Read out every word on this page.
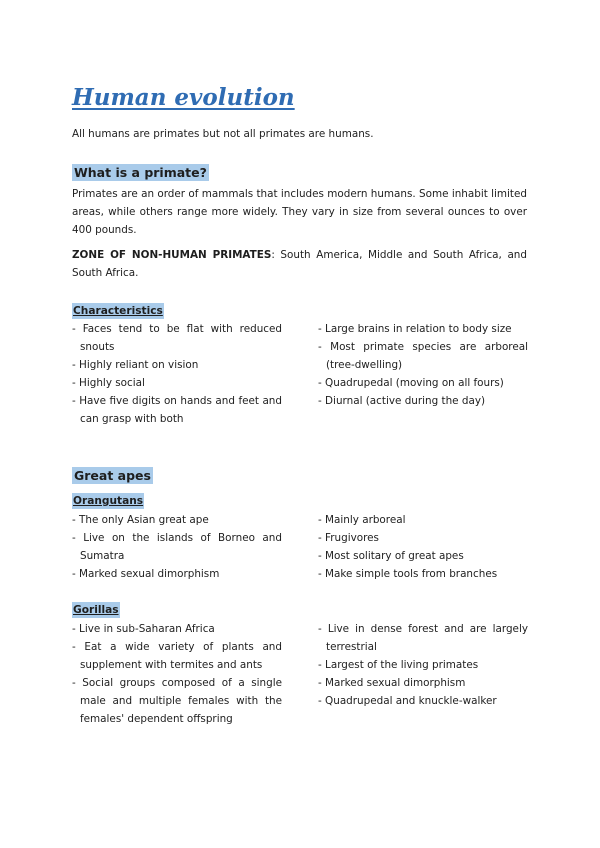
Human evolution

All humans are primates but not all primates are humans.

What is a primate?

Primates are an order of mammals that includes modern humans. Some inhabit limited areas, while others range more widely. They vary in size from several ounces to over 400 pounds.

ZONE OF NON-HUMAN PRIMATES: South America, Middle and South Africa, and South Africa.

Characteristics
- Faces tend to be flat with reduced snouts
- Highly reliant on vision
- Highly social
- Have five digits on hands and feet and can grasp with both
- Large brains in relation to body size
- Most primate species are arboreal (tree-dwelling)
- Quadrupedal (moving on all fours)
- Diurnal (active during the day)
Great apes
Orangutans
- The only Asian great ape
- Live on the islands of Borneo and Sumatra
- Marked sexual dimorphism
- Mainly arboreal
- Frugivores
- Most solitary of great apes
- Make simple tools from branches
Gorillas
- Live in sub-Saharan Africa
- Eat a wide variety of plants and supplement with termites and ants
- Social groups composed of a single male and multiple females with the females' dependent offspring
- Live in dense forest and are largely terrestrial
- Largest of the living primates
- Marked sexual dimorphism
- Quadrupedal and knuckle-walker
